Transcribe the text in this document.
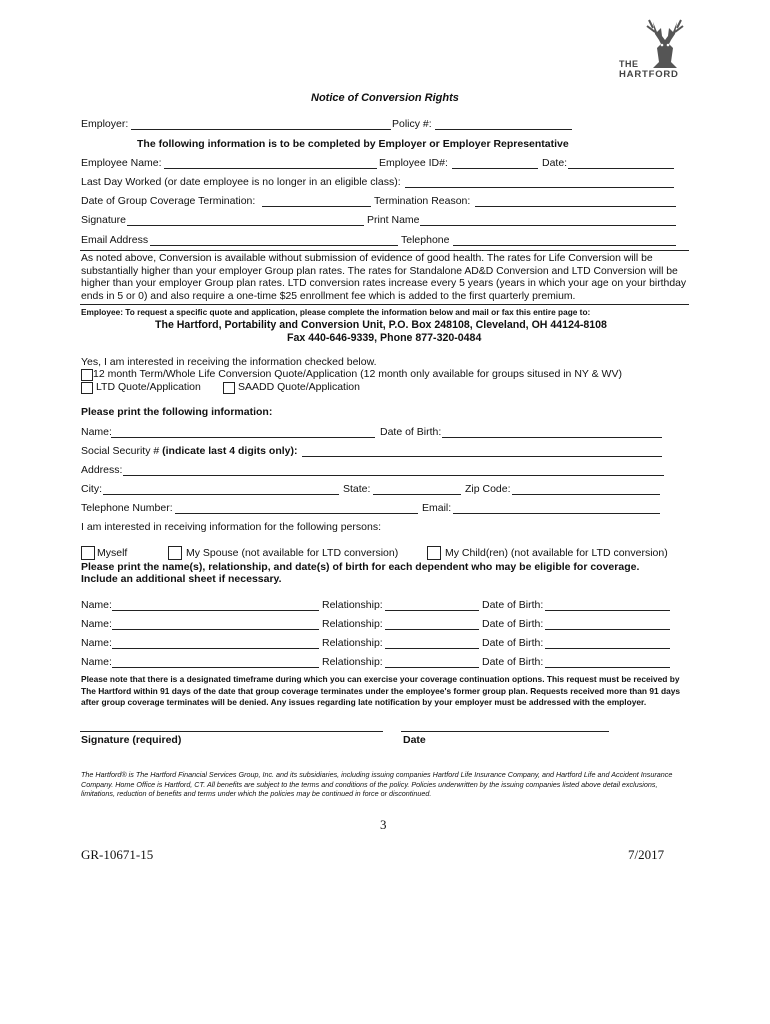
THE
HARTFORD
Notice of Conversion Rights
Employer:	Policy #:
The following information is to be completed by Employer or Employer Representative
Employee Name:	Employee ID#:	Date:
Last Day Worked (or date employee is no longer in an eligible class):
Date of Group Coverage Termination:	Termination Reason:
Signature	Print Name
Email Address	Telephone
As noted above, Conversion is available without submission of evidence of good health. The rates for Life Conversion will be substantially higher than your employer Group plan rates. The rates for Standalone AD&D Conversion and LTD Conversion will be higher than your employer Group plan rates. LTD conversion rates increase every 5 years (years in which your age on your birthday ends in 5 or 0) and also require a one-time $25 enrollment fee which is added to the first quarterly premium.
Employee: To request a specific quote and application, please complete the information below and mail or fax this entire page to:
The Hartford, Portability and Conversion Unit, P.O. Box 248108, Cleveland, OH 44124-8108
Fax 440-646-9339, Phone 877-320-0484
Yes, I am interested in receiving the information checked below.
12 month Term/Whole Life Conversion Quote/Application (12 month only available for groups sitused in NY & WV)
LTD Quote/Application	SAADD Quote/Application
Please print the following information:
Name:	Date of Birth:
Social Security # (indicate last 4 digits only):
Address:
City:	State:	Zip Code:
Telephone Number:	Email:
I am interested in receiving information for the following persons:
Myself	My Spouse (not available for LTD conversion)	My Child(ren) (not available for LTD conversion)
Please print the name(s), relationship, and date(s) of birth for each dependent who may be eligible for coverage.
Include an additional sheet if necessary.
Name:	Relationship:	Date of Birth:
Name:	Relationship:	Date of Birth:
Name:	Relationship:	Date of Birth:
Name:	Relationship:	Date of Birth:
Please note that there is a designated timeframe during which you can exercise your coverage continuation options. This request must be received by The Hartford within 91 days of the date that group coverage terminates under the employee's former group plan. Requests received more than 91 days after group coverage terminates will be denied. Any issues regarding late notification by your employer must be addressed with the employer.
Signature (required)	Date
The Hartford® is The Hartford Financial Services Group, Inc. and its subsidiaries, including issuing companies Hartford Life Insurance Company, and Hartford Life and Accident Insurance Company. Home Office is Hartford, CT. All benefits are subject to the terms and conditions of the policy. Policies underwritten by the issuing companies listed above detail exclusions, limitations, reduction of benefits and terms under which the policies may be continued in force or discontinued.
3
GR-10671-15	7/2017
